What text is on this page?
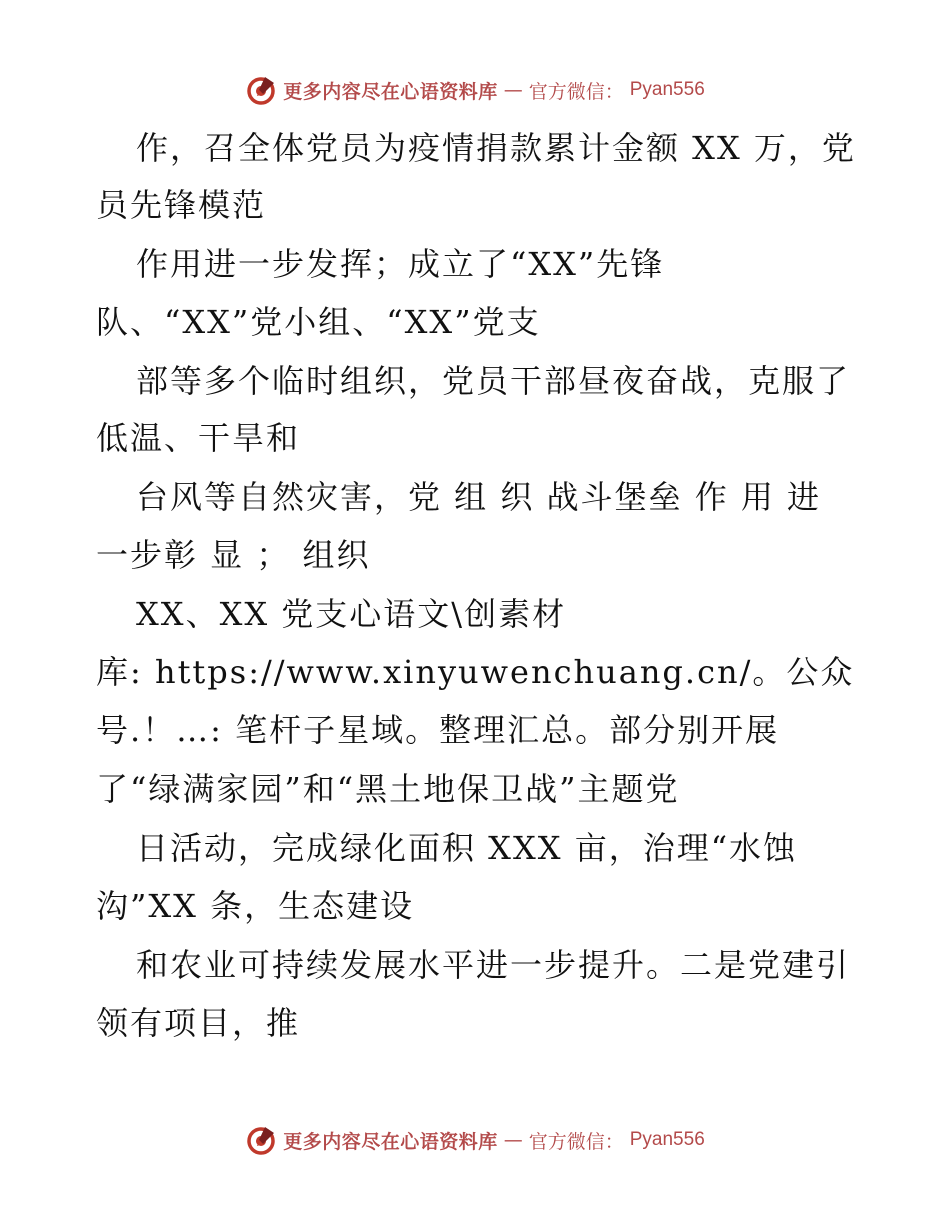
更多内容尽在心语资料库 — 官方微信： Pyan556
作，召全体党员为疫情捐款累计金额 XX 万，党
员先锋模范
作用进一步发挥；成立了“XX”先锋
队、“XX”党小组、“XX”党支
部等多个临时组织，党员干部昼夜奋战，克服了
低温、干旱和
台风等自然灾害，党 组 织 战斗堡垒 作 用 进
一步彰 显 ； 组织
XX、XX 党支心语文\创素材
库: https://www.xinyuwenchuang.cn/。公众
号.！…: 笔杆子星域。整理汇总。部分别开展
了“绿满家园”和“黑土地保卫战”主题党
日活动，完成绿化面积 XXX 亩，治理“水蚀
沟”XX 条，生态建设
和农业可持续发展水平进一步提升。二是党建引
领有项目，推
更多内容尽在心语资料库 — 官方微信： Pyan556
